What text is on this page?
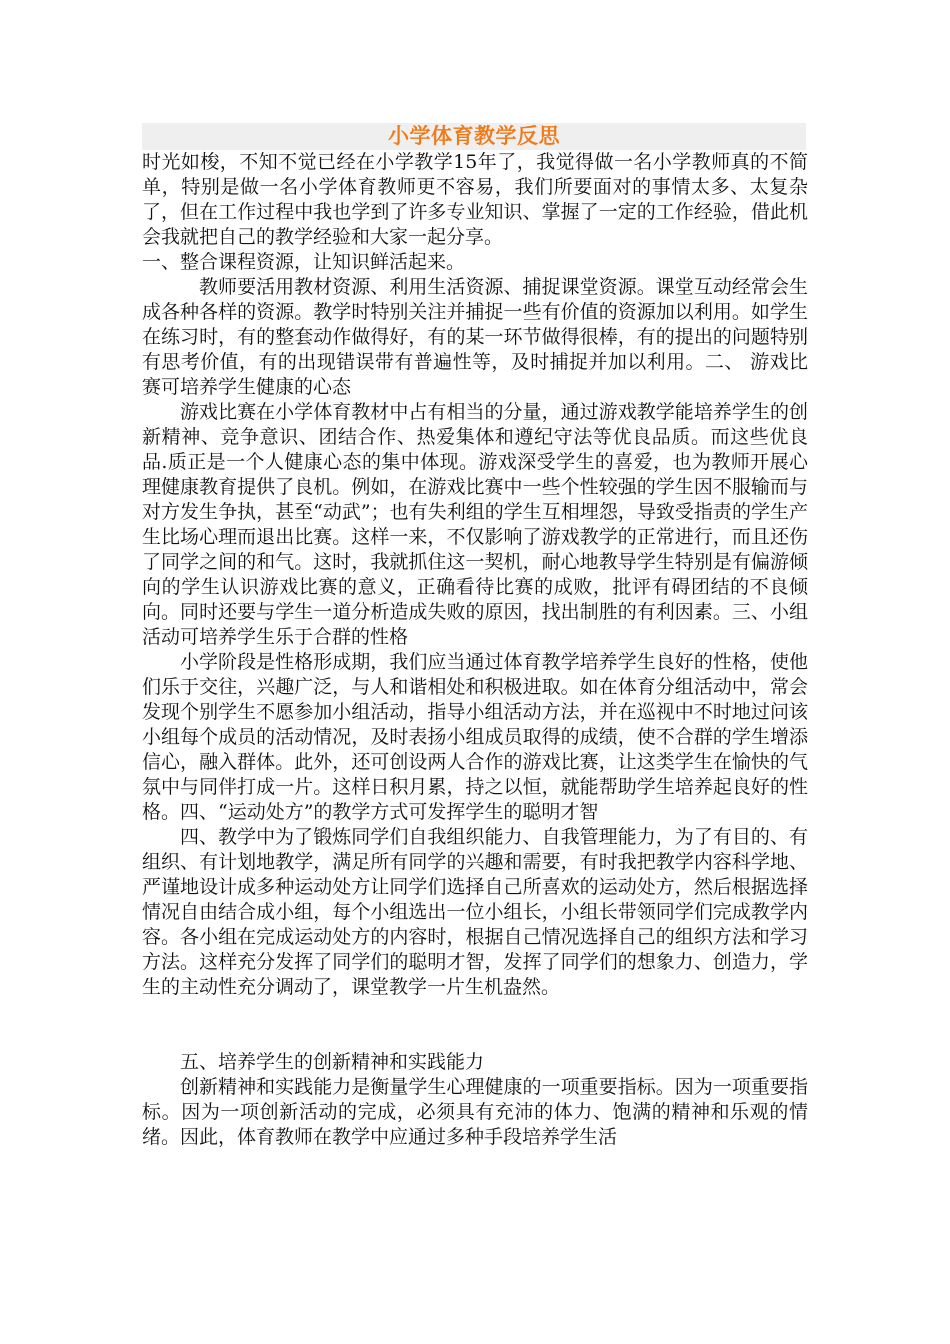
小学体育教学反思

时光如梭，不知不觉已经在小学教学15年了，我觉得做一名小学教师真的不简单，特别是做一名小学体育教师更不容易，我们所要面对的事情太多、太复杂了，但在工作过程中我也学到了许多专业知识、掌握了一定的工作经验，借此机会我就把自己的教学经验和大家一起分享。

一、整合课程资源，让知识鲜活起来。

教师要活用教材资源、利用生活资源、捕捉课堂资源。课堂互动经常会生成各种各样的资源。教学时特别关注并捕捉一些有价值的资源加以利用。如学生在练习时，有的整套动作做得好，有的某一环节做得很棒，有的提出的问题特别有思考价值，有的出现错误带有普遍性等，及时捕捉并加以利用。二、 游戏比赛可培养学生健康的心态

游戏比赛在小学体育教材中占有相当的分量，通过游戏教学能培养学生的创新精神、竞争意识、团结合作、热爱集体和遵纪守法等优良品质。而这些优良品.质正是一个人健康心态的集中体现。游戏深受学生的喜爱，也为教师开展心理健康教育提供了良机。例如，在游戏比赛中一些个性较强的学生因不服输而与对方发生争执，甚至“动武”；也有失利组的学生互相埋怨，导致受指责的学生产生比场心理而退出比赛。这样一来，不仅影响了游戏教学的正常进行，而且还伤了同学之间的和气。这时，我就抓住这一契机，耐心地教导学生特别是有偏游倾向的学生认识游戏比赛的意义，正确看待比赛的成败，批评有碍团结的不良倾向。同时还要与学生一道分析造成失败的原因，找出制胜的有利因素。三、小组活动可培养学生乐于合群的性格

小学阶段是性格形成期，我们应当通过体育教学培养学生良好的性格，使他们乐于交往，兴趣广泛，与人和谐相处和积极进取。如在体育分组活动中，常会发现个别学生不愿参加小组活动，指导小组活动方法，并在巡视中不时地过问该小组每个成员的活动情况，及时表扬小组成员取得的成绩，使不合群的学生增添信心，融入群体。此外，还可创设两人合作的游戏比赛，让这类学生在愉快的气氛中与同伴打成一片。这样日积月累，持之以恒，就能帮助学生培养起良好的性格。四、“运动处方”的教学方式可发挥学生的聪明才智

四、教学中为了锻炼同学们自我组织能力、自我管理能力，为了有目的、有组织、有计划地教学，满足所有同学的兴趣和需要，有时我把教学内容科学地、严谨地设计成多种运动处方让同学们选择自己所喜欢的运动处方，然后根据选择情况自由结合成小组，每个小组选出一位小组长，小组长带领同学们完成教学内容。各小组在完成运动处方的内容时，根据自己情况选择自己的组织方法和学习方法。这样充分发挥了同学们的聪明才智，发挥了同学们的想象力、创造力，学生的主动性充分调动了，课堂教学一片生机盎然。

五、培养学生的创新精神和实践能力

创新精神和实践能力是衡量学生心理健康的一项重要指标。因为一项重要指标。因为一项创新活动的完成，必须具有充沛的体力、饱满的精神和乐观的情绪。因此，体育教师在教学中应通过多种手段培养学生活
